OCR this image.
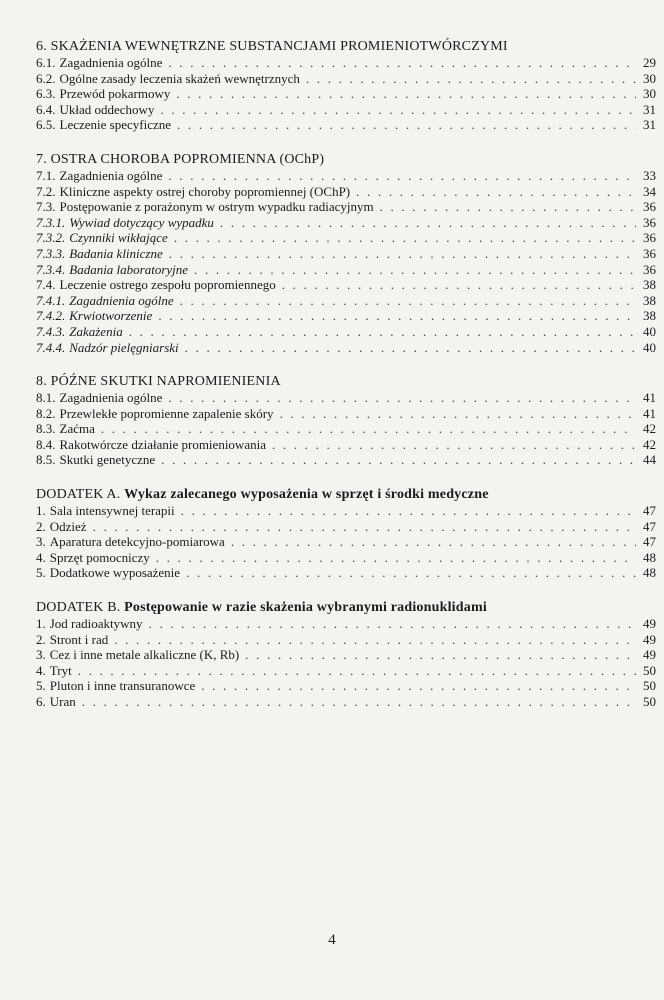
6. SKAŻENIA WEWNĘTRZNE SUBSTANCJAMI PROMIENIOTWÓRCZYMI
6.1. Zagadnienia ogólne . . .	29
6.2. Ogólne zasady leczenia skażeń wewnętrznych . . .	30
6.3. Przewód pokarmowy . . .	30
6.4. Układ oddechowy . . .	31
6.5. Leczenie specyficzne . . .	31
7. OSTRA CHOROBA POPROMIENNA (OChP)
7.1. Zagadnienia ogólne . . .	33
7.2. Kliniczne aspekty ostrej choroby popromiennej (OChP) . . .	34
7.3. Postępowanie z porażonym w ostrym wypadku radiacyjnym . . .	36
7.3.1. Wywiad dotyczący wypadku . . .	36
7.3.2. Czynniki wikłające . . .	36
7.3.3. Badania kliniczne . . .	36
7.3.4. Badania laboratoryjne . . .	36
7.4. Leczenie ostrego zespołu popromiennego . . .	38
7.4.1. Zagadnienia ogólne . . .	38
7.4.2. Krwiotworzenie . . .	38
7.4.3. Zakażenia . . .	40
7.4.4. Nadzór pielęgniarski . . .	40
8. PÓŹNE SKUTKI NAPROMIENIENIA
8.1. Zagadnienia ogólne . . .	41
8.2. Przewlekłe popromienne zapalenie skóry . . .	41
8.3. Zaćma . . .	42
8.4. Rakotwórcze działanie promieniowania . . .	42
8.5. Skutki genetyczne . . .	44
DODATEK A. Wykaz zalecanego wyposażenia w sprzęt i środki medyczne
1. Sala intensywnej terapii . . .	47
2. Odzież . . .	47
3. Aparatura detekcyjno-pomiarowa . . .	47
4. Sprzęt pomocniczy . . .	48
5. Dodatkowe wyposażenie . . .	48
DODATEK B. Postępowanie w razie skażenia wybranymi radionuklidami
1. Jod radioaktywny . . .	49
2. Stront i rad . . .	49
3. Cez i inne metale alkaliczne (K, Rb) . . .	49
4. Tryt . . .	50
5. Pluton i inne transuranowce . . .	50
6. Uran . . .	50
4
